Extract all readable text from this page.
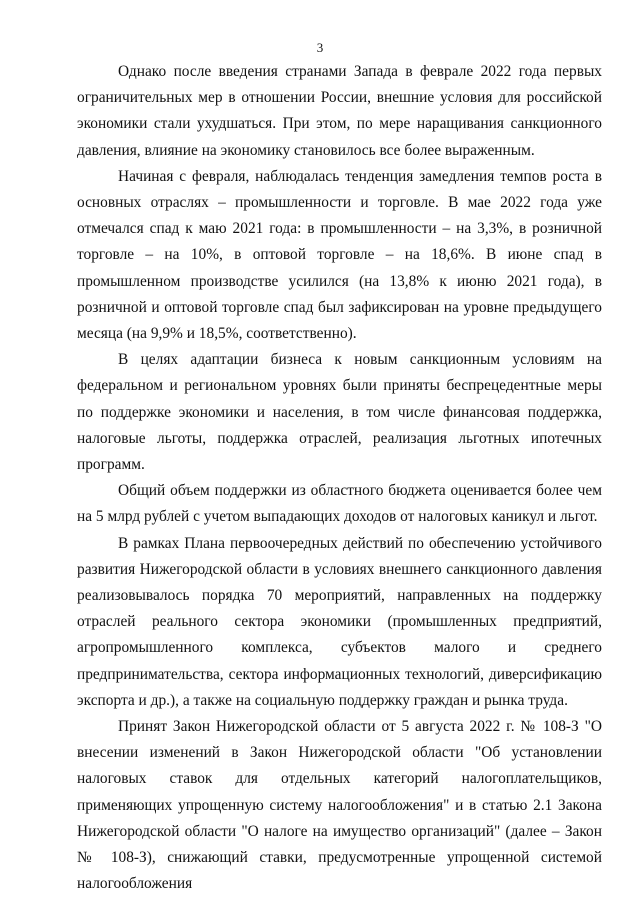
3

Однако после введения странами Запада в феврале 2022 года первых ограничительных мер в отношении России, внешние условия для российской экономики стали ухудшаться. При этом, по мере наращивания санкционного давления, влияние на экономику становилось все более выраженным.

Начиная с февраля, наблюдалась тенденция замедления темпов роста в основных отраслях – промышленности и торговле. В мае 2022 года уже отмечался спад к маю 2021 года: в промышленности – на 3,3%, в розничной торговле – на 10%, в оптовой торговле – на 18,6%. В июне спад в промышленном производстве усилился (на 13,8% к июню 2021 года), в розничной и оптовой торговле спад был зафиксирован на уровне предыдущего месяца (на 9,9% и 18,5%, соответственно).

В целях адаптации бизнеса к новым санкционным условиям на федеральном и региональном уровнях были приняты беспрецедентные меры по поддержке экономики и населения, в том числе финансовая поддержка, налоговые льготы, поддержка отраслей, реализация льготных ипотечных программ.

Общий объем поддержки из областного бюджета оценивается более чем на 5 млрд рублей с учетом выпадающих доходов от налоговых каникул и льгот.

В рамках Плана первоочередных действий по обеспечению устойчивого развития Нижегородской области в условиях внешнего санкционного давления реализовывалось порядка 70 мероприятий, направленных на поддержку отраслей реального сектора экономики (промышленных предприятий, агропромышленного комплекса, субъектов малого и среднего предпринимательства, сектора информационных технологий, диверсификацию экспорта и др.), а также на социальную поддержку граждан и рынка труда.

Принят Закон Нижегородской области от 5 августа 2022 г. № 108-З "О внесении изменений в Закон Нижегородской области "Об установлении налоговых ставок для отдельных категорий налогоплательщиков, применяющих упрощенную систему налогообложения" и в статью 2.1 Закона Нижегородской области "О налоге на имущество организаций" (далее – Закон № 108-З), снижающий ставки, предусмотренные упрощенной системой налогообложения
